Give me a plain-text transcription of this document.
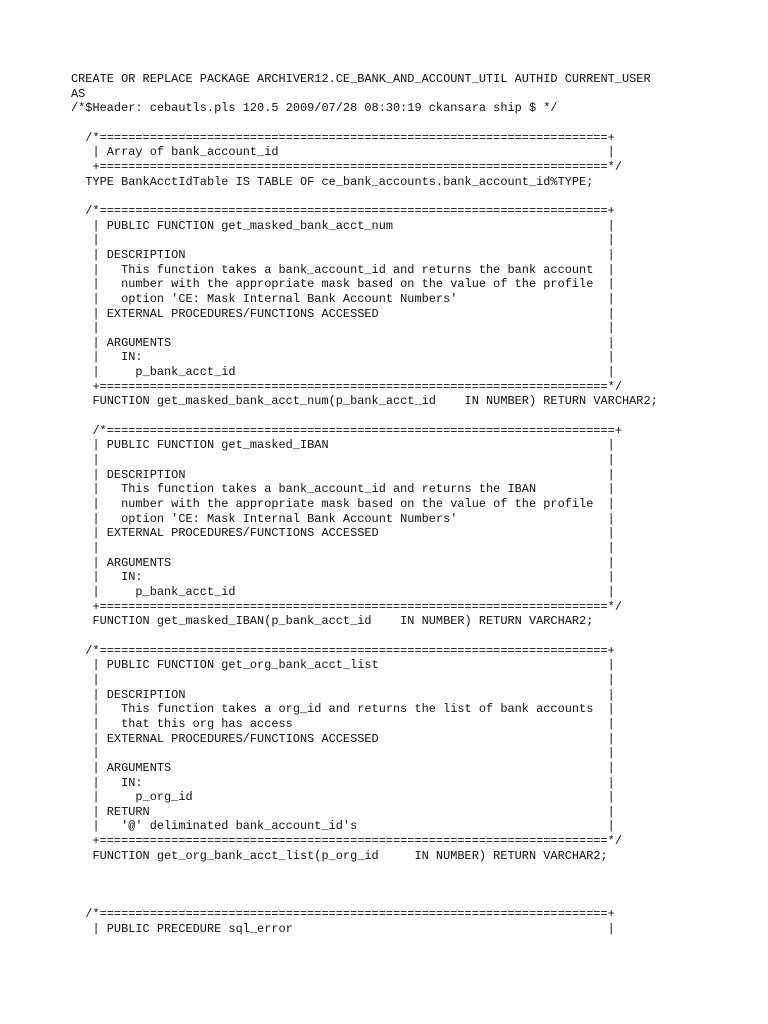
CREATE OR REPLACE PACKAGE ARCHIVER12.CE_BANK_AND_ACCOUNT_UTIL AUTHID CURRENT_USER
AS
/*$Header: cebautls.pls 120.5 2009/07/28 08:30:19 ckansara ship $ */

/*=======================================================================+
| Array of bank_account_id                                              |
+=======================================================================*/
TYPE BankAcctIdTable IS TABLE OF ce_bank_accounts.bank_account_id%TYPE;

/*=======================================================================+
| PUBLIC FUNCTION get_masked_bank_acct_num                              |
|                                                                       |
| DESCRIPTION                                                           |
|   This function takes a bank_account_id and returns the bank account  |
|   number with the appropriate mask based on the value of the profile  |
|   option 'CE: Mask Internal Bank Account Numbers'                     |
| EXTERNAL PROCEDURES/FUNCTIONS ACCESSED                                |
|                                                                       |
| ARGUMENTS                                                             |
|   IN:                                                                 |
|     p_bank_acct_id                                                    |
+=======================================================================*/
FUNCTION get_masked_bank_acct_num(p_bank_acct_id    IN NUMBER) RETURN VARCHAR2;

/*=======================================================================+
| PUBLIC FUNCTION get_masked_IBAN                                       |
|                                                                       |
| DESCRIPTION                                                           |
|   This function takes a bank_account_id and returns the IBAN          |
|   number with the appropriate mask based on the value of the profile  |
|   option 'CE: Mask Internal Bank Account Numbers'                     |
| EXTERNAL PROCEDURES/FUNCTIONS ACCESSED                                |
|                                                                       |
| ARGUMENTS                                                             |
|   IN:                                                                 |
|     p_bank_acct_id                                                    |
+=======================================================================*/
FUNCTION get_masked_IBAN(p_bank_acct_id    IN NUMBER) RETURN VARCHAR2;

/*=======================================================================+
| PUBLIC FUNCTION get_org_bank_acct_list                                |
|                                                                       |
| DESCRIPTION                                                           |
|   This function takes a org_id and returns the list of bank accounts  |
|   that this org has access                                            |
| EXTERNAL PROCEDURES/FUNCTIONS ACCESSED                                |
|                                                                       |
| ARGUMENTS                                                             |
|   IN:                                                                 |
|     p_org_id                                                          |
| RETURN                                                                |
|   '@' deliminated bank_account_id's                                   |
+=======================================================================*/
FUNCTION get_org_bank_acct_list(p_org_id     IN NUMBER) RETURN VARCHAR2;

/*=======================================================================+
| PUBLIC PRECEDURE sql_error                                            |
